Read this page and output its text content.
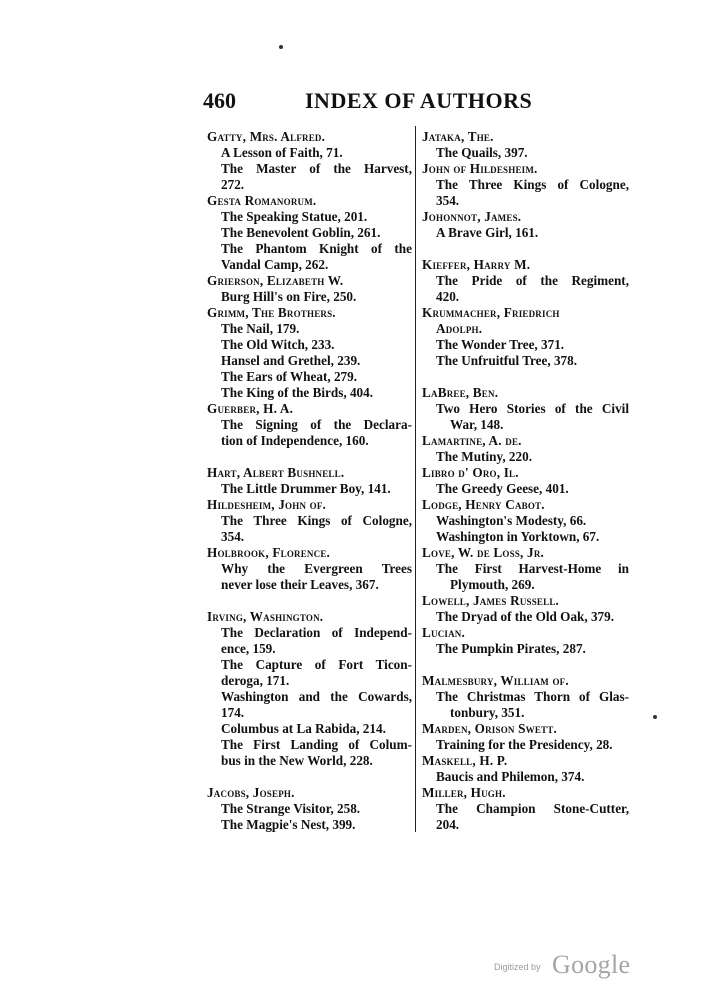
460	INDEX OF AUTHORS
Gatty, Mrs. Alfred.
A Lesson of Faith, 71.
The Master of the Harvest,
272.
Gesta Romanorum.
The Speaking Statue, 201.
The Benevolent Goblin, 261.
The Phantom Knight of the
Vandal Camp, 262.
Grierson, Elizabeth W.
Burg Hill's on Fire, 250.
Grimm, The Brothers.
The Nail, 179.
The Old Witch, 233.
Hansel and Grethel, 239.
The Ears of Wheat, 279.
The King of the Birds, 404.
Guerber, H. A.
The Signing of the Declara-
tion of Independence, 160.
Hart, Albert Bushnell.
The Little Drummer Boy, 141.
Hildesheim, John of.
The Three Kings of Cologne,
354.
Holbrook, Florence.
Why the Evergreen Trees
never lose their Leaves, 367.
Irving, Washington.
The Declaration of Independ-
ence, 159.
The Capture of Fort Ticon-
deroga, 171.
Washington and the Cowards,
174.
Columbus at La Rabida, 214.
The First Landing of Colum-
bus in the New World, 228.
Jacobs, Joseph.
The Strange Visitor, 258.
The Magpie's Nest, 399.
Jataka, The.
The Quails, 397.
John of Hildesheim.
The Three Kings of Cologne,
354.
Johonnot, James.
A Brave Girl, 161.
Kieffer, Harry M.
The Pride of the Regiment,
420.
Krummacher, Friedrich
Adolph.
The Wonder Tree, 371.
The Unfruitful Tree, 378.
LaBree, Ben.
Two Hero Stories of the Civil
War, 148.
Lamartine, A. de.
The Mutiny, 220.
Libro d' Oro, Il.
The Greedy Geese, 401.
Lodge, Henry Cabot.
Washington's Modesty, 66.
Washington in Yorktown, 67.
Love, W. de Loss, Jr.
The First Harvest-Home in
Plymouth, 269.
Lowell, James Russell.
The Dryad of the Old Oak, 379.
Lucian.
The Pumpkin Pirates, 287.
Malmesbury, William of.
The Christmas Thorn of Glas-
tonbury, 351.
Marden, Orison Swett.
Training for the Presidency, 28.
Maskell, H. P.
Baucis and Philemon, 374.
Miller, Hugh.
The Champion Stone-Cutter,
204.
Digitized by Google
